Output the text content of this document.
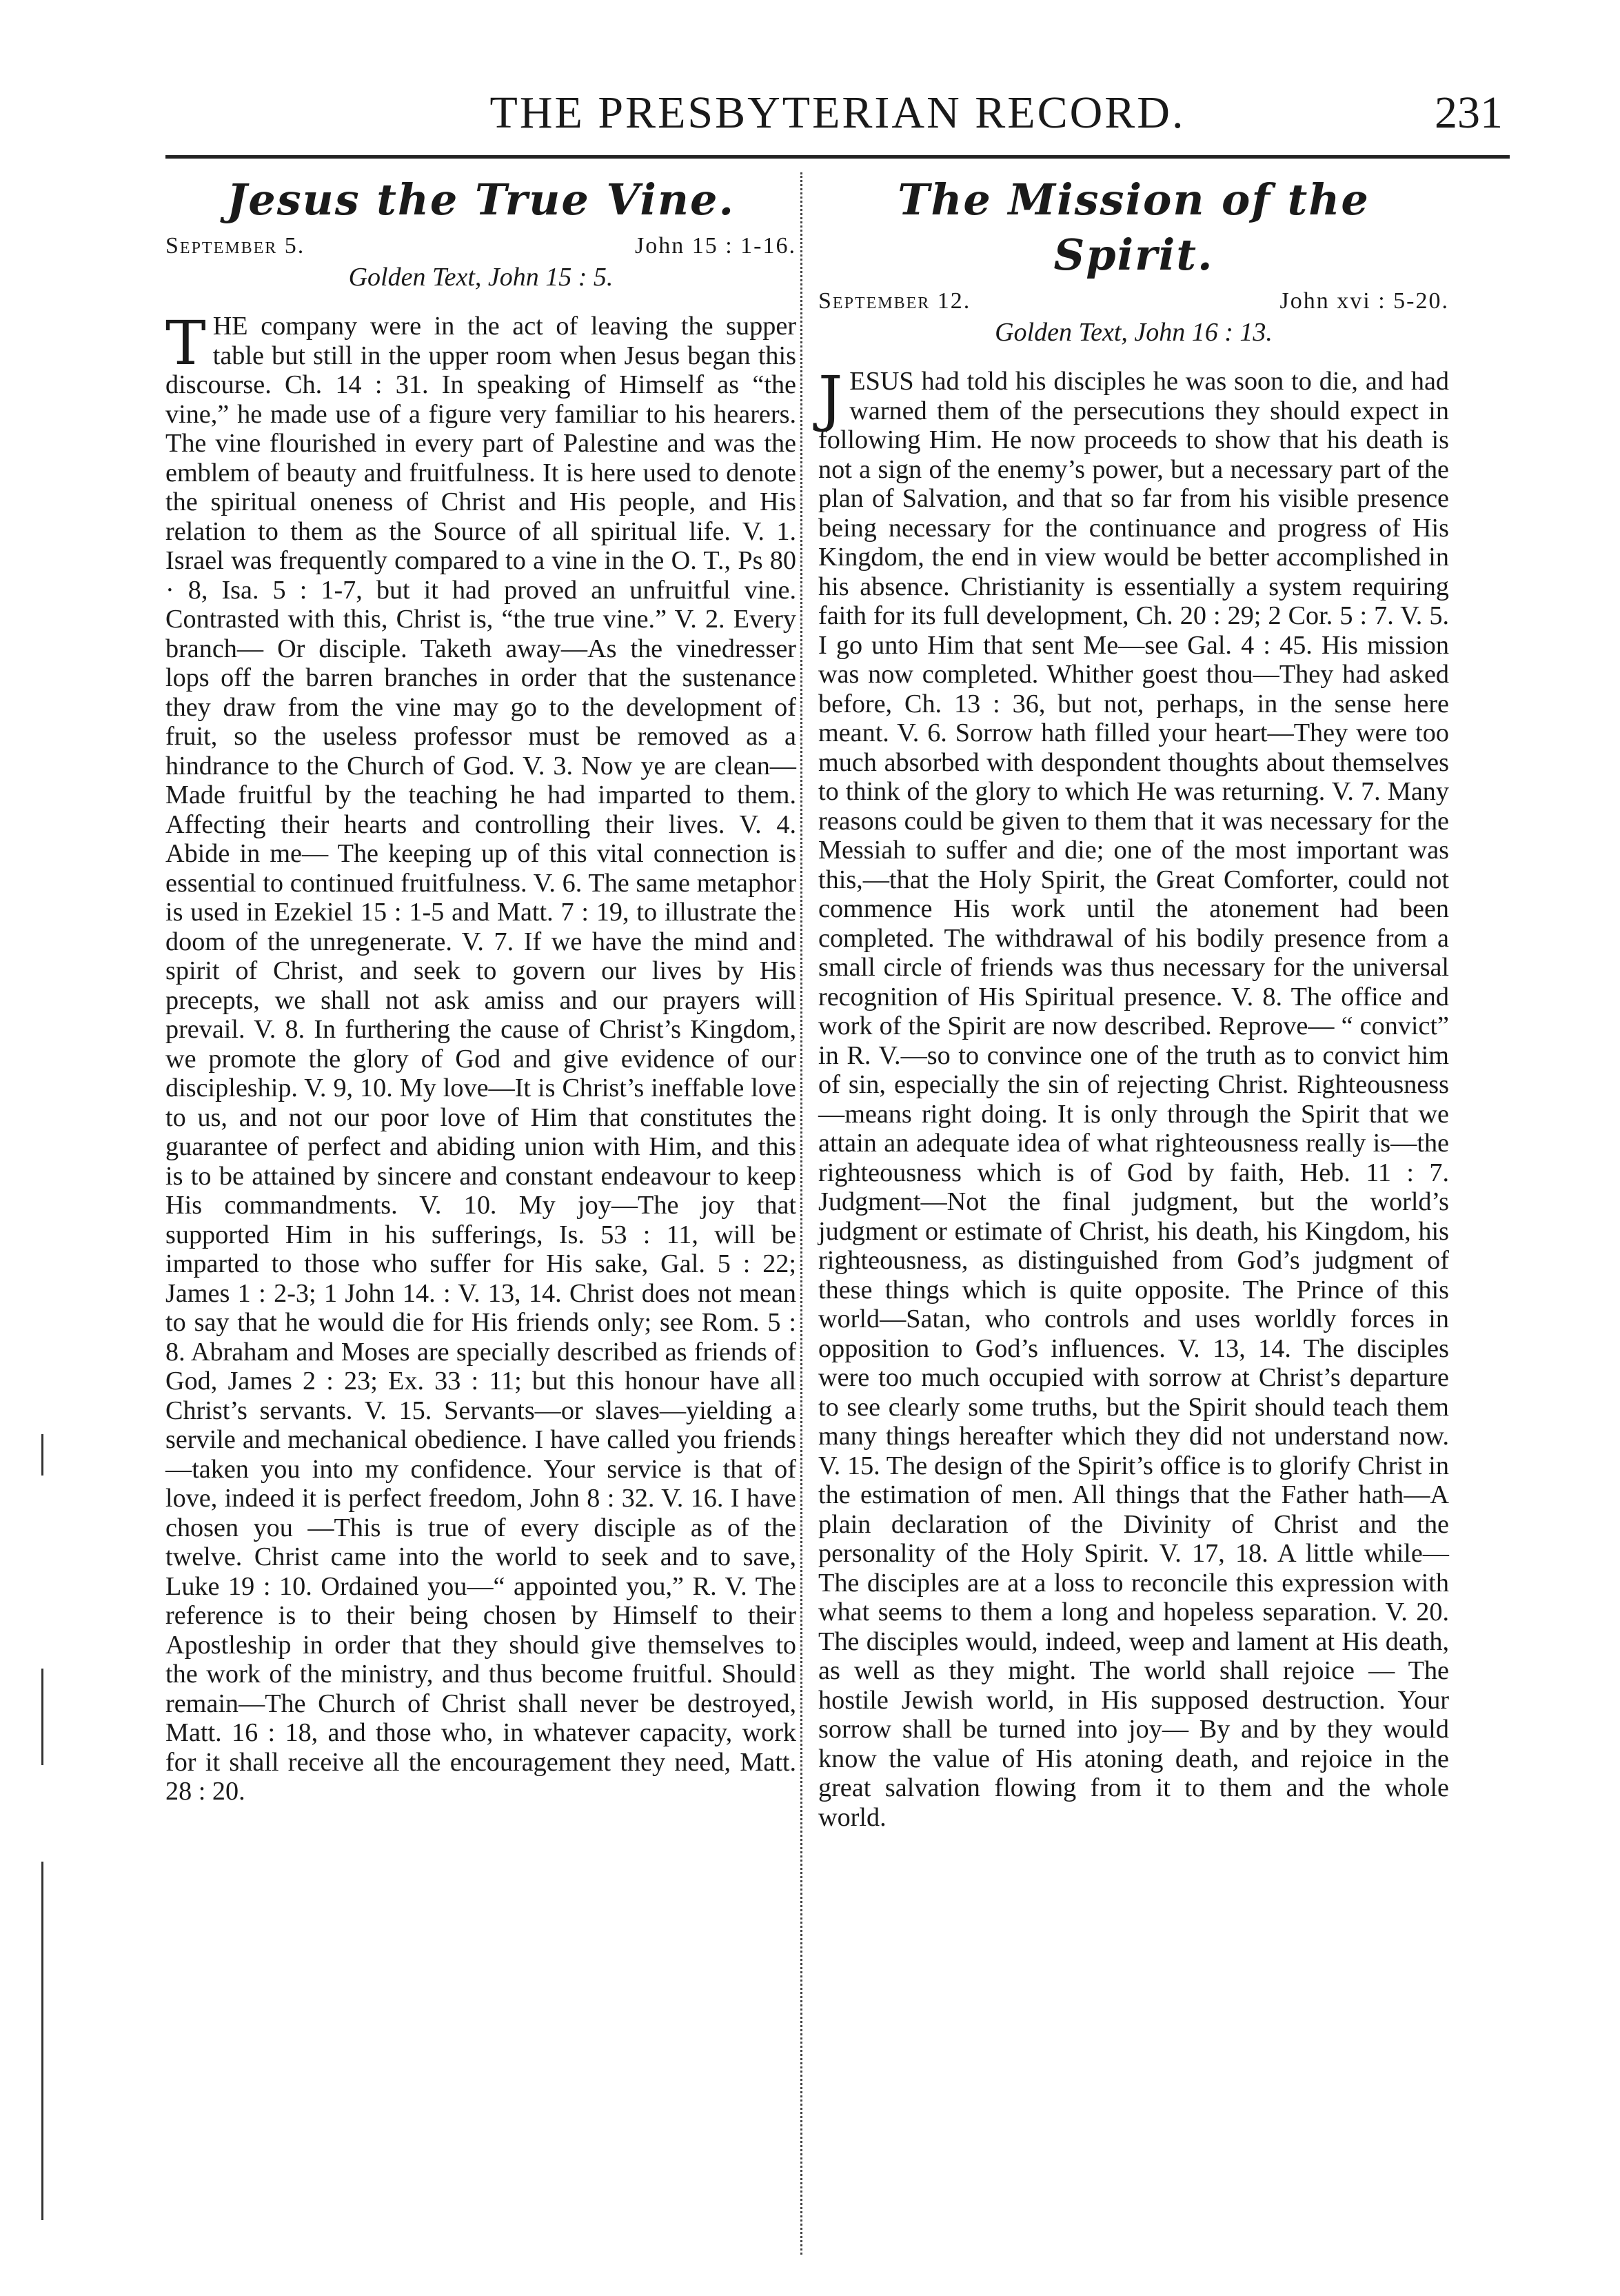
THE PRESBYTERIAN RECORD.	231
Jesus the True Vine.
September 5.	John 15 : 1-16.
Golden Text, John 15 : 5.
T HE company were in the act of leaving the supper table but still in the upper room when Jesus began this discourse. Ch. 14 : 31. In speaking of Himself as “the vine,” he made use of a figure very familiar to his hearers. The vine flourished in every part of Palestine and was the emblem of beauty and fruitfulness. It is here used to denote the spiritual oneness of Christ and His people, and His relation to them as the Source of all spiritual life. V. 1. Israel was frequently compared to a vine in the O. T., Ps 80 · 8, Isa. 5 : 1-7, but it had proved an unfruitful vine. Contrasted with this, Christ is, “the true vine.” V. 2. Every branch— Or disciple. Taketh away—As the vinedresser lops off the barren branches in order that the sustenance they draw from the vine may go to the development of fruit, so the useless professor must be removed as a hindrance to the Church of God. V. 3. Now ye are clean—Made fruitful by the teaching he had imparted to them. Affecting their hearts and controlling their lives. V. 4. Abide in me— The keeping up of this vital connection is essential to continued fruitfulness. V. 6. The same metaphor is used in Ezekiel 15 : 1-5 and Matt. 7 : 19, to illustrate the doom of the unregenerate. V. 7. If we have the mind and spirit of Christ, and seek to govern our lives by His precepts, we shall not ask amiss and our prayers will prevail. V. 8. In furthering the cause of Christ’s Kingdom, we promote the glory of God and give evidence of our discipleship. V. 9, 10. My love—It is Christ’s ineffable love to us, and not our poor love of Him that constitutes the guarantee of perfect and abiding union with Him, and this is to be attained by sincere and constant endeavour to keep His commandments. V. 10. My joy—The joy that supported Him in his sufferings, Is. 53 : 11, will be imparted to those who suffer for His sake, Gal. 5 : 22; James 1 : 2-3; 1 John 14. : V. 13, 14. Christ does not mean to say that he would die for His friends only; see Rom. 5 : 8. Abraham and Moses are specially described as friends of God, James 2 : 23; Ex. 33 : 11; but this honour have all Christ’s servants. V. 15. Servants—or slaves—yielding a servile and mechanical obedience. I have called you friends—taken you into my confidence. Your service is that of love, indeed it is perfect freedom, John 8 : 32. V. 16. I have chosen you —This is true of every disciple as of the twelve. Christ came into the world to seek and to save, Luke 19 : 10. Ordained you—“ appointed you,” R. V. The reference is to their being chosen by Himself to their Apostleship in order that they should give themselves to the work of the ministry, and thus become fruitful. Should remain—The Church of Christ shall never be destroyed, Matt. 16 : 18, and those who, in whatever capacity, work for it shall receive all the encouragement they need, Matt. 28 : 20.
The Mission of the Spirit.
September 12.	John xvi : 5-20.
Golden Text, John 16 : 13.
J ESUS had told his disciples he was soon to die, and had warned them of the persecutions they should expect in following Him. He now proceeds to show that his death is not a sign of the enemy’s power, but a necessary part of the plan of Salvation, and that so far from his visible presence being necessary for the continuance and progress of His Kingdom, the end in view would be better accomplished in his absence. Christianity is essentially a system requiring faith for its full development, Ch. 20 : 29; 2 Cor. 5 : 7. V. 5. I go unto Him that sent Me—see Gal. 4 : 45. His mission was now completed. Whither goest thou—They had asked before, Ch. 13 : 36, but not, perhaps, in the sense here meant. V. 6. Sorrow hath filled your heart—They were too much absorbed with despondent thoughts about themselves to think of the glory to which He was returning. V. 7. Many reasons could be given to them that it was necessary for the Messiah to suffer and die; one of the most important was this,—that the Holy Spirit, the Great Comforter, could not commence His work until the atonement had been completed. The withdrawal of his bodily presence from a small circle of friends was thus necessary for the universal recognition of His Spiritual presence. V. 8. The office and work of the Spirit are now described. Reprove— “ convict” in R. V.—so to convince one of the truth as to convict him of sin, especially the sin of rejecting Christ. Righteousness—means right doing. It is only through the Spirit that we attain an adequate idea of what righteousness really is—the righteousness which is of God by faith, Heb. 11 : 7. Judgment—Not the final judgment, but the world’s judgment or estimate of Christ, his death, his Kingdom, his righteousness, as distinguished from God’s judgment of these things which is quite opposite. The Prince of this world—Satan, who controls and uses worldly forces in opposition to God’s influences. V. 13, 14. The disciples were too much occupied with sorrow at Christ’s departure to see clearly some truths, but the Spirit should teach them many things hereafter which they did not understand now. V. 15. The design of the Spirit’s office is to glorify Christ in the estimation of men. All things that the Father hath—A plain declaration of the Divinity of Christ and the personality of the Holy Spirit. V. 17, 18. A little while—The disciples are at a loss to reconcile this expression with what seems to them a long and hopeless separation. V. 20. The disciples would, indeed, weep and lament at His death, as well as they might. The world shall rejoice — The hostile Jewish world, in His supposed destruction. Your sorrow shall be turned into joy— By and by they would know the value of His atoning death, and rejoice in the great salvation flowing from it to them and the whole world.
